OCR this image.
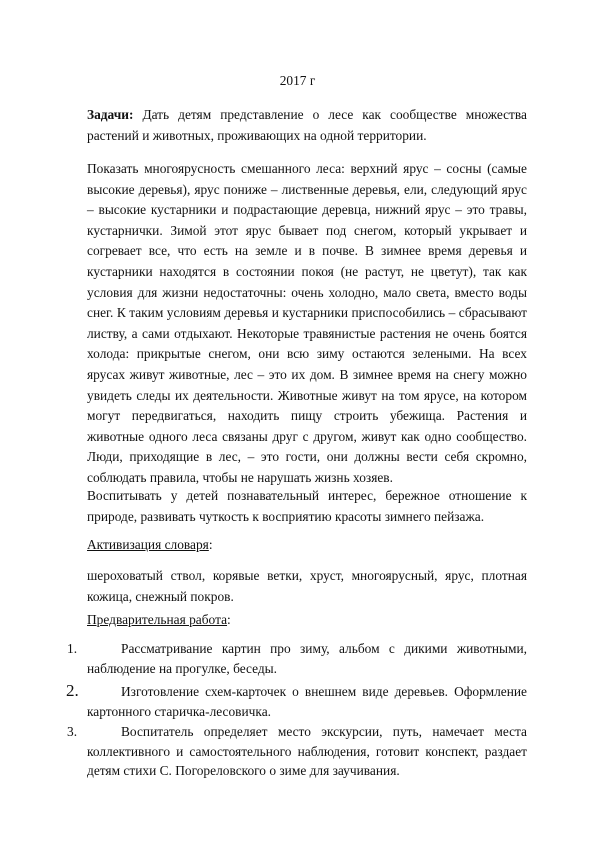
2017 г

Задачи: Дать детям представление о лесе как сообществе множества растений и животных, проживающих на одной территории.

Показать многоярусность смешанного леса: верхний ярус – сосны (самые высокие деревья), ярус пониже – лиственные деревья, ели, следующий ярус – высокие кустарники и подрастающие деревца, нижний ярус – это травы, кустарнички. Зимой этот ярус бывает под снегом, который укрывает и согревает все, что есть на земле и в почве. В зимнее время деревья и кустарники находятся в состоянии покоя (не растут, не цветут), так как условия для жизни недостаточны: очень холодно, мало света, вместо воды снег. К таким условиям деревья и кустарники приспособились – сбрасывают листву, а сами отдыхают. Некоторые травянистые растения не очень боятся холода: прикрытые снегом, они всю зиму остаются зелеными. На всех ярусах живут животные, лес – это их дом. В зимнее время на снегу можно увидеть следы их деятельности. Животные живут на том ярусе, на котором могут передвигаться, находить пищу строить убежища. Растения и животные одного леса связаны друг с другом, живут как одно сообщество. Люди, приходящие в лес, – это гости, они должны вести себя скромно, соблюдать правила, чтобы не нарушать жизнь хозяев.

Воспитывать у детей познавательный интерес, бережное отношение к природе, развивать чуткость к восприятию красоты зимнего пейзажа.

Активизация словаря:

шероховатый ствол, корявые ветки, хруст, многоярусный, ярус, плотная кожица, снежный покров.

Предварительная работа:

1.	Рассматривание картин про зиму, альбом с дикими животными, наблюдение на прогулке, беседы.
2.	Изготовление схем-карточек о внешнем виде деревьев. Оформление картонного старичка-лесовичка.
3.	Воспитатель определяет место экскурсии, путь, намечает места коллективного и самостоятельного наблюдения, готовит конспект, раздает детям стихи С. Погореловского о зиме для заучивания.
